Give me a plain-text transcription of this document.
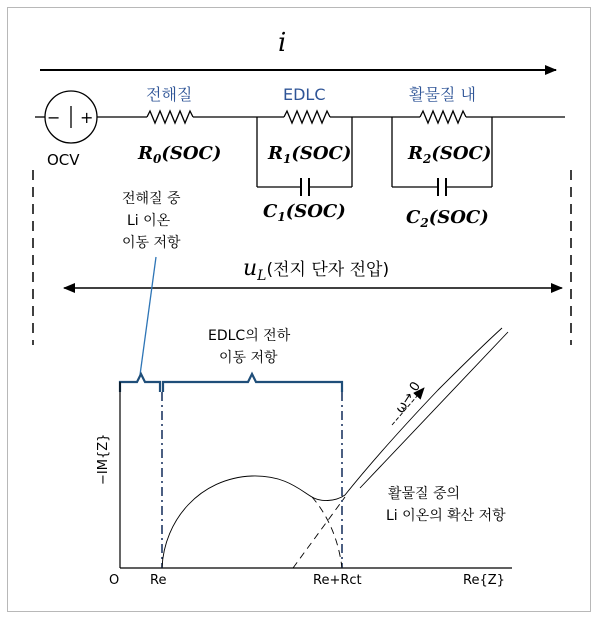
i
전해질	EDLC	활물질 내
− +
OCV	$R_0(SOC)$	$R_1(SOC)$
$C_1(SOC)$
$R_2(SOC)$
$C_2(SOC)$
전해질 중
Li 이온
이동 저항
$u_L^{(전지 단자 전압)}$
EDLC의 전하
이동 저항
−IM{Z}
O Re	Re+Rct	Re{Z}
ω→ 0
활물질 중의
Li 이온의 확산 저항
